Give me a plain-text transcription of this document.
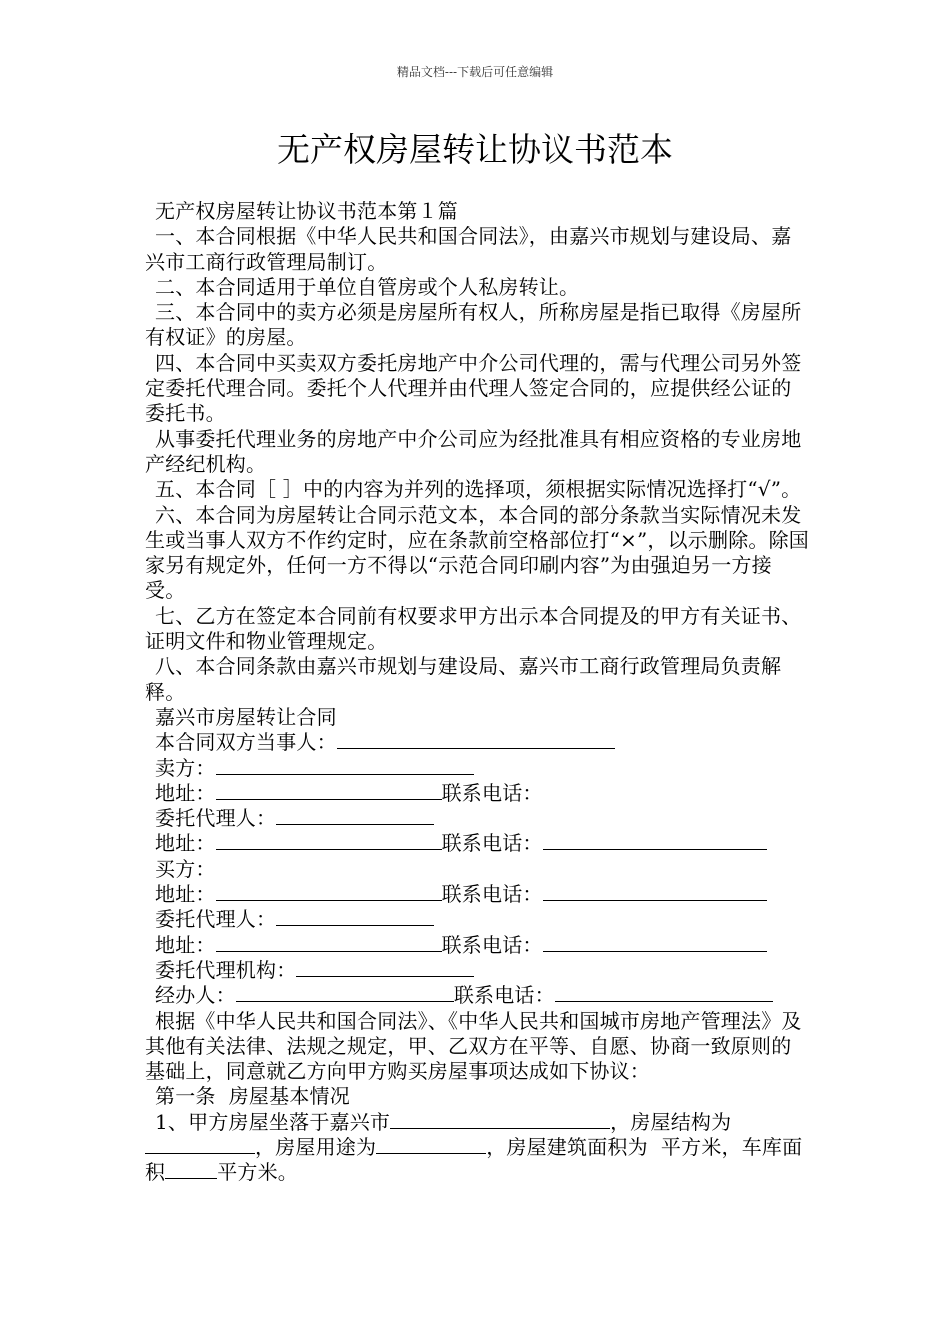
精品文档---下载后可任意编辑
无产权房屋转让协议书范本

无产权房屋转让协议书范本第１篇

一、本合同根据《中华人民共和国合同法》，由嘉兴市规划与建设局、嘉兴市工商行政管理局制订。

二、本合同适用于单位自管房或个人私房转让。

三、本合同中的卖方必须是房屋所有权人，所称房屋是指已取得《房屋所有权证》的房屋。

四、本合同中买卖双方委托房地产中介公司代理的，需与代理公司另外签定委托代理合同。委托个人代理并由代理人签定合同的，应提供经公证的委托书。

从事委托代理业务的房地产中介公司应为经批准具有相应资格的专业房地产经纪机构。

五、本合同［ ］中的内容为并列的选择项，须根据实际情况选择打“√”。

六、本合同为房屋转让合同示范文本，本合同的部分条款当实际情况未发生或当事人双方不作约定时，应在条款前空格部位打“×”，以示删除。除国家另有规定外，任何一方不得以“示范合同印刷内容”为由强迫另一方接受。

七、乙方在签定本合同前有权要求甲方出示本合同提及的甲方有关证书、证明文件和物业管理规定。

八、本合同条款由嘉兴市规划与建设局、嘉兴市工商行政管理局负责解释。

嘉兴市房屋转让合同

本合同双方当事人：

卖方：

地址：	联系电话：

委托代理人：

地址：	联系电话：

买方：

地址：	联系电话：

委托代理人：

地址：	联系电话：

委托代理机构：

经办人：	联系电话：

根据《中华人民共和国合同法》、《中华人民共和国城市房地产管理法》及其他有关法律、法规之规定，甲、乙双方在平等、自愿、协商一致原则的基础上，同意就乙方向甲方购买房屋事项达成如下协议：

第一条  房屋基本情况

1、甲方房屋坐落于嘉兴市	，房屋结构为，房屋用途为	，房屋建筑面积为  平方米，车库面积	平方米。
